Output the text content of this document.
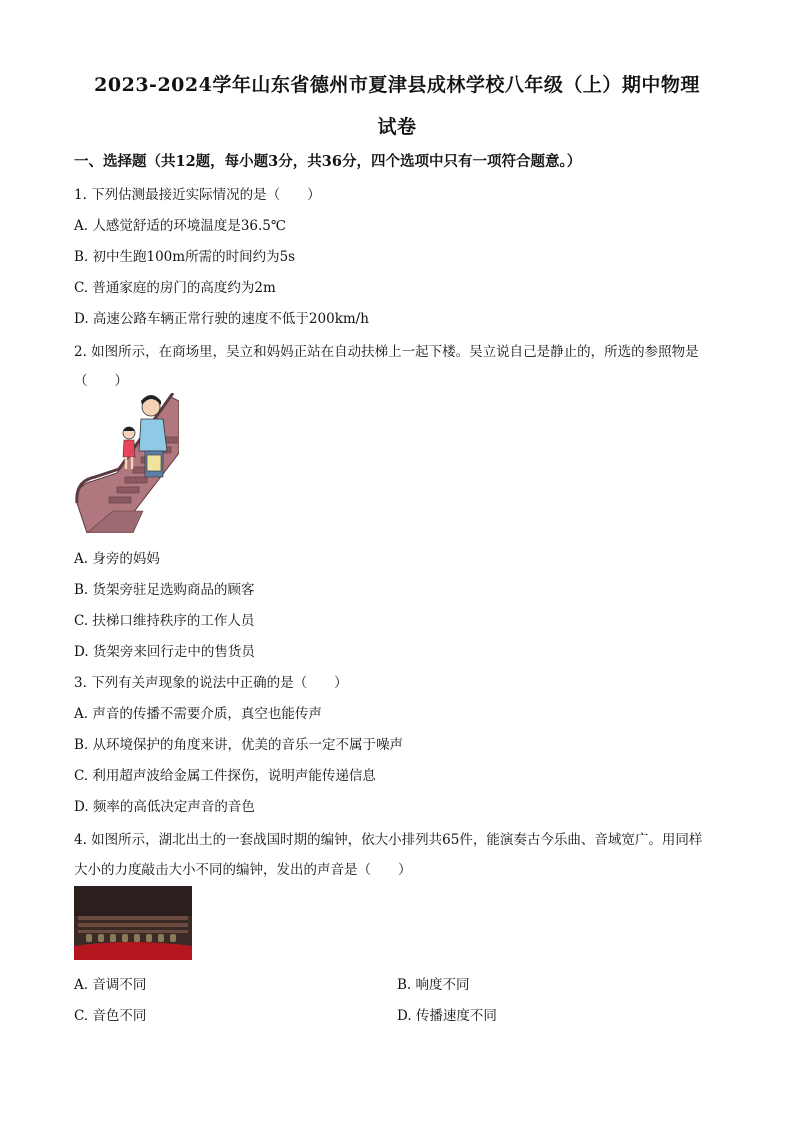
2023-2024学年山东省德州市夏津县成林学校八年级（上）期中物理
试卷
一、选择题（共12题，每小题3分，共36分，四个选项中只有一项符合题意。）
1. 下列估测最接近实际情况的是（　　）
A. 人感觉舒适的环境温度是36.5℃
B. 初中生跑100m所需的时间约为5s
C. 普通家庭的房门的高度约为2m
D. 高速公路车辆正常行驶的速度不低于200km/h
2. 如图所示，在商场里，吴立和妈妈正站在自动扶梯上一起下楼。吴立说自己是静止的，所选的参照物是
（　　）
A. 身旁的妈妈
B. 货架旁驻足选购商品的顾客
C. 扶梯口维持秩序的工作人员
D. 货架旁来回行走中的售货员
3. 下列有关声现象的说法中正确的是（　　）
A. 声音的传播不需要介质，真空也能传声
B. 从环境保护的角度来讲，优美的音乐一定不属于噪声
C. 利用超声波给金属工件探伤，说明声能传递信息
D. 频率的高低决定声音的音色
4. 如图所示，湖北出土的一套战国时期的编钟，依大小排列共65件，能演奏古今乐曲、音域宽广。用同样
大小的力度敲击大小不同的编钟，发出的声音是（　　）
A. 音调不同	B. 响度不同
C. 音色不同	D. 传播速度不同
